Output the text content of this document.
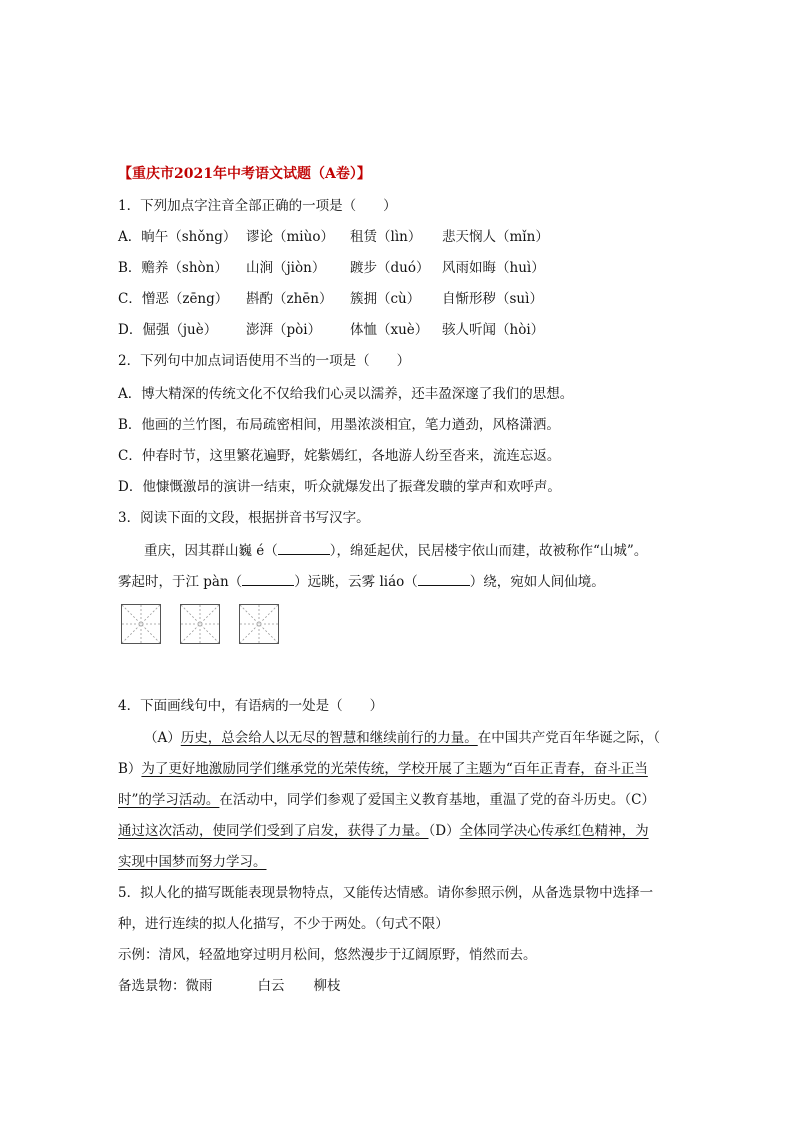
【重庆市2021年中考语文试题（A卷）】
1．下列加点字注音全部正确的一项是（　　）
A．晌午（shǒng） 谬论（miùo）	租赁（lìn）	悲天悯人（mǐn）
B．赡养（shòn）	山涧（jiòn）	踱步（duó） 风雨如晦（huì）
C．憎恶（zēng）	斟酌（zhēn）	簇拥（cù）	自惭形秽（suì）
D．倔强（juè）	澎湃（pòi）	体恤（xuè）	骇人听闻（hòi）
2．下列句中加点词语使用不当的一项是（　　）
A．博大精深的传统文化不仅给我们心灵以濡养，还丰盈深邃了我们的思想。
B．他画的兰竹图，布局疏密相间，用墨浓淡相宜，笔力遒劲，风格潇洒。
C．仲春时节，这里繁花遍野，姹紫嫣红，各地游人纷至沓来，流连忘返。
D．他慷慨激昂的演讲一结束，听众就爆发出了振聋发聩的掌声和欢呼声。
3．阅读下面的文段，根据拼音书写汉字。
重庆，因其群山巍 é（	），绵延起伏，民居楼宇依山而建，故被称作“山城”。
雾起时，于江 pàn（	）远眺，云雾 liáo（	）绕，宛如人间仙境。
4．下面画线句中，有语病的一处是（　　）
（A）历史，总会给人以无尽的智慧和继续前行的力量。在中国共产党百年华诞之际，（
B）为了更好地激励同学们继承党的光荣传统，学校开展了主题为“百年正青春，奋斗正当
时”的学习活动。在活动中，同学们参观了爱国主义教育基地，重温了党的奋斗历史。（C）
通过这次活动，使同学们受到了启发，获得了力量。（D）全体同学决心传承红色精神，为
实现中国梦而努力学习。
5．拟人化的描写既能表现景物特点，又能传达情感。请你参照示例，从备选景物中选择一
种，进行连续的拟人化描写，不少于两处。（句式不限）
示例：清风，轻盈地穿过明月松间，悠然漫步于辽阔原野，悄然而去。
备选景物：微雨	白云 柳枝
